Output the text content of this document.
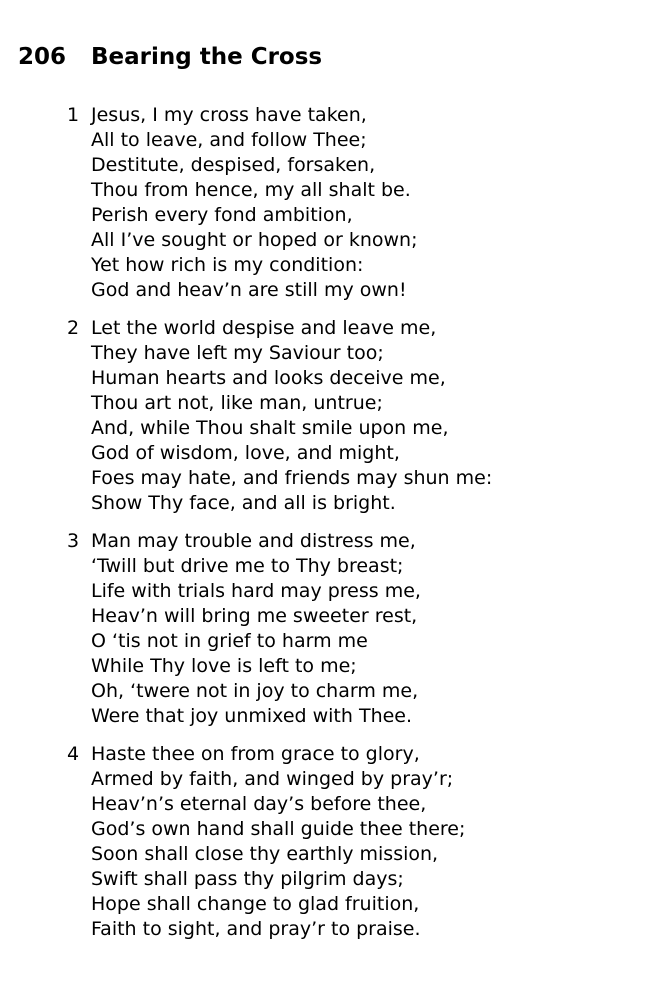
206 Bearing the Cross
1 Jesus, I my cross have taken,
All to leave, and follow Thee;
Destitute, despised, forsaken,
Thou from hence, my all shalt be.
Perish every fond ambition,
All I’ve sought or hoped or known;
Yet how rich is my condition:
God and heav’n are still my own!
2 Let the world despise and leave me,
They have left my Saviour too;
Human hearts and looks deceive me,
Thou art not, like man, untrue;
And, while Thou shalt smile upon me,
God of wisdom, love, and might,
Foes may hate, and friends may shun me:
Show Thy face, and all is bright.
3 Man may trouble and distress me,
‘Twill but drive me to Thy breast;
Life with trials hard may press me,
Heav’n will bring me sweeter rest,
O ‘tis not in grief to harm me
While Thy love is left to me;
Oh, ‘twere not in joy to charm me,
Were that joy unmixed with Thee.
4 Haste thee on from grace to glory,
Armed by faith, and winged by pray’r;
Heav’n’s eternal day’s before thee,
God’s own hand shall guide thee there;
Soon shall close thy earthly mission,
Swift shall pass thy pilgrim days;
Hope shall change to glad fruition,
Faith to sight, and pray’r to praise.
